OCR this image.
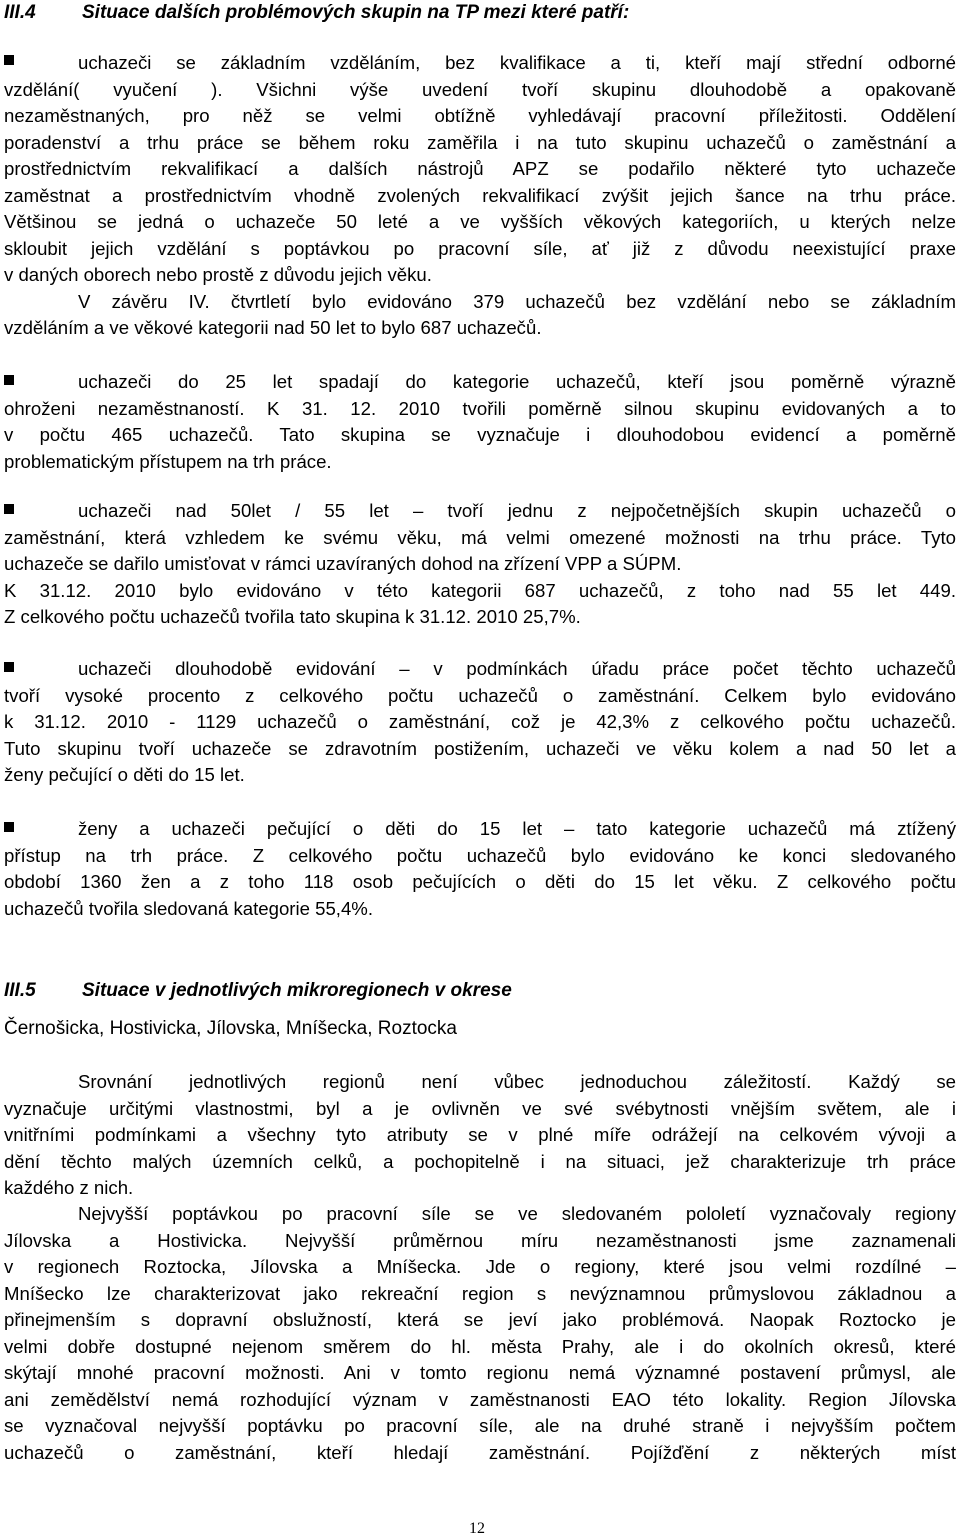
III.4 Situace dalších problémových skupin na TP mezi které patří:
uchazeči se základním vzděláním, bez kvalifikace a ti, kteří mají střední odborné
vzdělání( vyučení ). Všichni výše uvedení tvoří skupinu dlouhodobě a opakovaně
nezaměstnaných, pro něž se velmi obtížně vyhledávají pracovní příležitosti. Oddělení
poradenství a trhu práce se během roku zaměřila i na tuto skupinu uchazečů o zaměstnání a
prostřednictvím rekvalifikací a dalších nástrojů APZ se podařilo některé tyto uchazeče
zaměstnat a prostřednictvím vhodně zvolených rekvalifikací zvýšit jejich šance na trhu práce.
Většinou se jedná o uchazeče 50 leté a ve vyšších věkových kategoriích, u kterých nelze
skloubit jejich vzdělání s poptávkou po pracovní síle, ať již z důvodu neexistující praxe
v daných oborech nebo prostě z důvodu jejich věku.
V závěru IV. čtvrtletí bylo evidováno 379 uchazečů bez vzdělání nebo se základním
vzděláním a ve věkové kategorii nad 50 let to bylo 687 uchazečů.
uchazeči do 25 let spadají do kategorie uchazečů, kteří jsou poměrně výrazně
ohroženi nezaměstnaností. K 31. 12. 2010 tvořili poměrně silnou skupinu evidovaných a to
v počtu 465 uchazečů. Tato skupina se vyznačuje i dlouhodobou evidencí a poměrně
problematickým přístupem na trh práce.
uchazeči nad 50let / 55 let – tvoří jednu z nejpočetnějších skupin uchazečů o
zaměstnání, která vzhledem ke svému věku, má velmi omezené možnosti na trhu práce. Tyto
uchazeče se dařilo umisťovat v rámci uzavíraných dohod na zřízení VPP a SÚPM.
K 31.12. 2010 bylo evidováno v této kategorii 687 uchazečů, z toho nad 55 let 449.
Z celkového počtu uchazečů tvořila tato skupina k 31.12. 2010 25,7%.
uchazeči dlouhodobě evidování – v podmínkách úřadu práce počet těchto uchazečů
tvoří vysoké procento z celkového počtu uchazečů o zaměstnání. Celkem bylo evidováno
k 31.12. 2010 - 1129 uchazečů o zaměstnání, což je 42,3% z celkového počtu uchazečů.
Tuto skupinu tvoří uchazeče se zdravotním postižením, uchazeči ve věku kolem a nad 50 let a
ženy pečující o děti do 15 let.
ženy a uchazeči pečující o děti do 15 let – tato kategorie uchazečů má ztížený
přístup na trh práce. Z celkového počtu uchazečů bylo evidováno ke konci sledovaného
období 1360 žen a z toho 118 osob pečujících o děti do 15 let věku. Z celkového počtu
uchazečů tvořila sledovaná kategorie 55,4%.
III.5 Situace v jednotlivých mikroregionech v okrese
Černošicka, Hostivicka, Jílovska, Mníšecka, Roztocka
Srovnání jednotlivých regionů není vůbec jednoduchou záležitostí. Každý se
vyznačuje určitými vlastnostmi, byl a je ovlivněn ve své svébytnosti vnějším světem, ale i
vnitřními podmínkami a všechny tyto atributy se v plné míře odrážejí na celkovém vývoji a
dění těchto malých územních celků, a pochopitelně i na situaci, jež charakterizuje trh práce
každého z nich.
Nejvyšší poptávkou po pracovní síle se ve sledovaném pololetí vyznačovaly regiony
Jílovska a Hostivicka. Nejvyšší průměrnou míru nezaměstnanosti jsme zaznamenali
v regionech Roztocka, Jílovska a Mníšecka. Jde o regiony, které jsou velmi rozdílné –
Mníšecko lze charakterizovat jako rekreační region s nevýznamnou průmyslovou základnou a
přinejmenším s dopravní obslužností, která se jeví jako problémová. Naopak Roztocko je
velmi dobře dostupné nejenom směrem do hl. města Prahy, ale i do okolních okresů, které
skýtají mnohé pracovní možnosti. Ani v tomto regionu nemá významné postavení průmysl, ale
ani zemědělství nemá rozhodující význam v zaměstnanosti EAO této lokality. Region Jílovska
se vyznačoval nejvyšší poptávku po pracovní síle, ale na druhé straně i nejvyšším počtem
uchazečů o zaměstnání, kteří hledají zaměstnání. Pojížďění z některých míst
12
